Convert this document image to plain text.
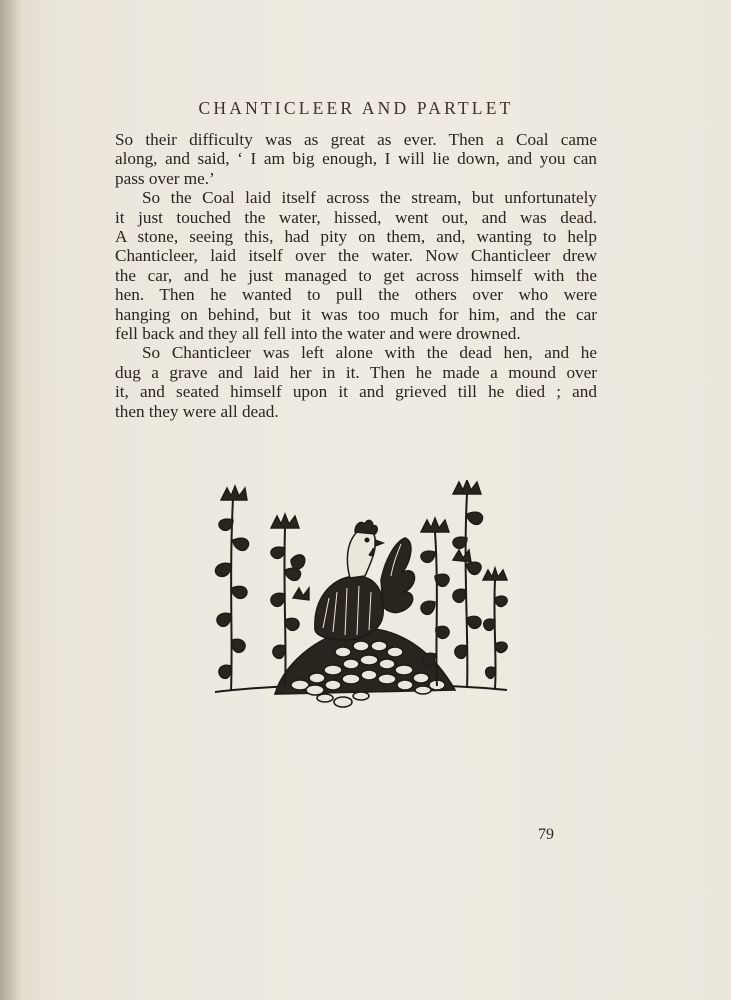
CHANTICLEER AND PARTLET
So their difficulty was as great as ever. Then a Coal came
along, and said, ‘ I am big enough, I will lie down, and you can
pass over me.’
So the Coal laid itself across the stream, but unfortunately
it just touched the water, hissed, went out, and was dead.
A stone, seeing this, had pity on them, and, wanting to help
Chanticleer, laid itself over the water. Now Chanticleer drew
the car, and he just managed to get across himself with the
hen. Then he wanted to pull the others over who were
hanging on behind, but it was too much for him, and the car
fell back and they all fell into the water and were drowned.
So Chanticleer was left alone with the dead hen, and he
dug a grave and laid her in it. Then he made a mound over
it, and seated himself upon it and grieved till he died ; and
then they were all dead.
79
